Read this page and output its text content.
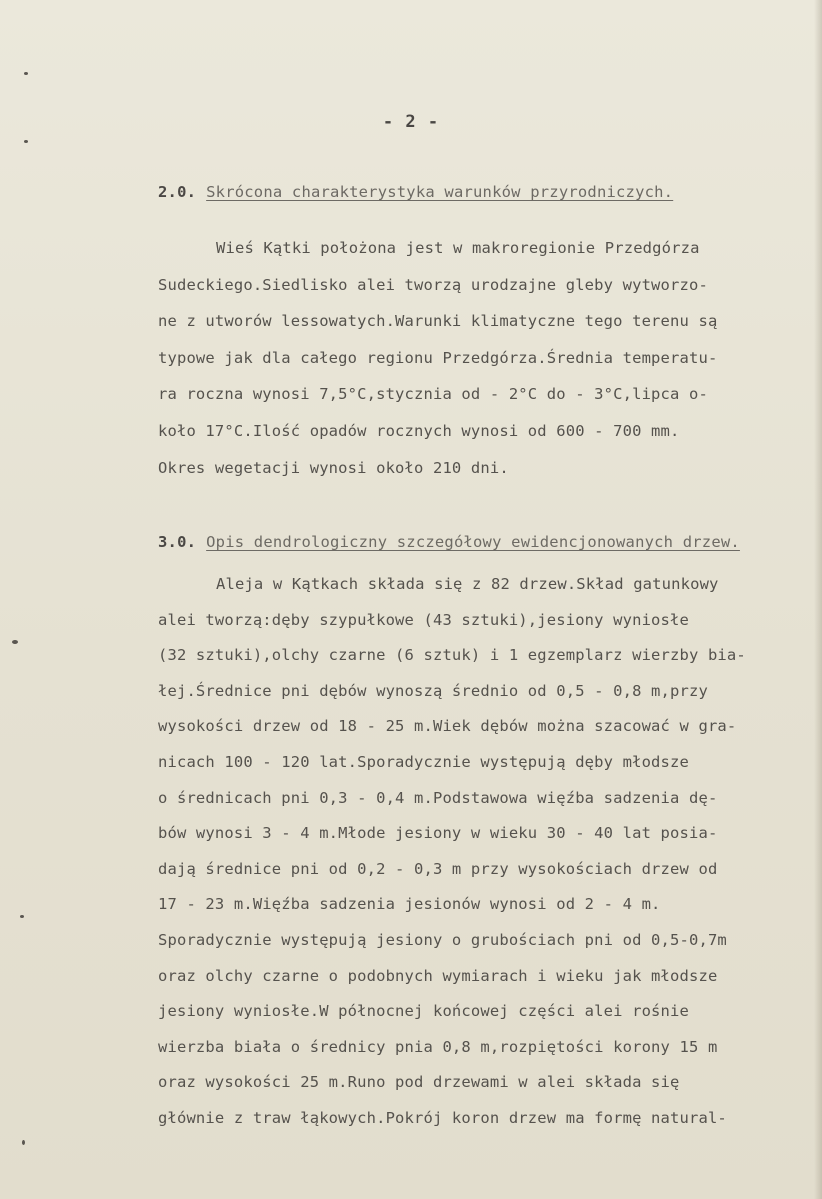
- 2 -

2.0. Skrócona charakterystyka warunków przyrodniczych.
Wieś Kątki położona jest w makroregionie Przedgórza
Sudeckiego.Siedlisko alei tworzą urodzajne gleby wytworzo-
ne z utworów lessowatych.Warunki klimatyczne tego terenu są
typowe jak dla całego regionu Przedgórza.Średnia temperatu-
ra roczna wynosi 7,5°C,stycznia od - 2°C do - 3°C,lipca o-
koło 17°C.Ilość opadów rocznych wynosi od 600 - 700 mm.
Okres wegetacji wynosi około 210 dni.
3.0. Opis dendrologiczny szczegółowy ewidencjonowanych drzew.
Aleja w Kątkach składa się z 82 drzew.Skład gatunkowy
alei tworzą:dęby szypułkowe (43 sztuki),jesiony wyniosłe
(32 sztuki),olchy czarne (6 sztuk) i 1 egzemplarz wierzby bia-
łej.Średnice pni dębów wynoszą średnio od 0,5 - 0,8 m,przy
wysokości drzew od 18 - 25 m.Wiek dębów można szacować w gra-
nicach 100 - 120 lat.Sporadycznie występują dęby młodsze
o średnicach pni 0,3 - 0,4 m.Podstawowa więźba sadzenia dę-
bów wynosi 3 - 4 m.Młode jesiony w wieku 30 - 40 lat posia-
dają średnice pni od 0,2 - 0,3 m przy wysokościach drzew od
17 - 23 m.Więźba sadzenia jesionów wynosi od 2 - 4 m.
Sporadycznie występują jesiony o grubościach pni od 0,5-0,7m
oraz olchy czarne o podobnych wymiarach i wieku jak młodsze
jesiony wyniosłe.W północnej końcowej części alei rośnie
wierzba biała o średnicy pnia 0,8 m,rozpiętości korony 15 m
oraz wysokości 25 m.Runo pod drzewami w alei składa się
głównie z traw łąkowych.Pokrój koron drzew ma formę natural-
